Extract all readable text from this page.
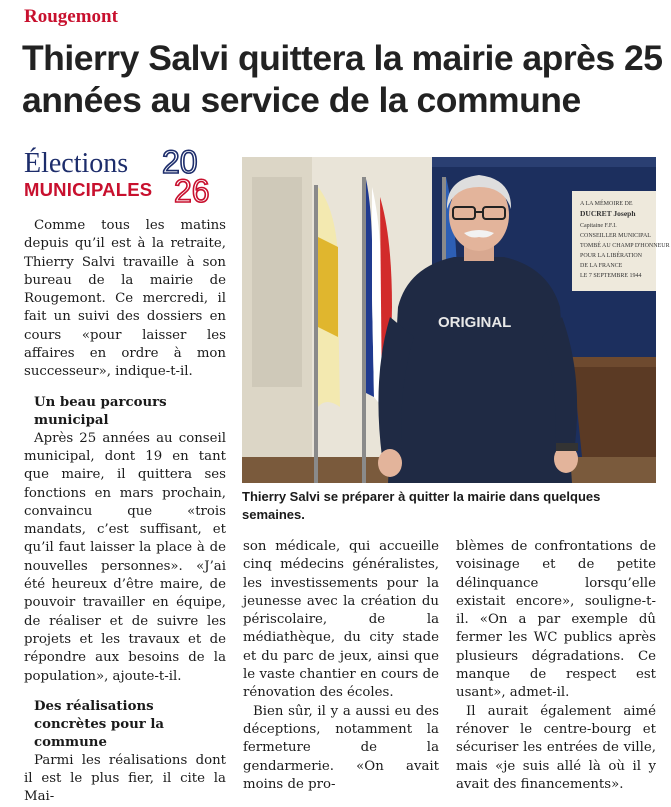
Rougemont
Thierry Salvi quittera la mairie après 25 années au service de la commune
Élections
MUNICIPALES
20
26

Comme tous les matins depuis qu’il est à la retraite, Thierry Salvi travaille à son bureau de la mairie de Rougemont. Ce mercredi, il fait un suivi des dossiers en cours «pour laisser les affaires en ordre à mon successeur», indique-t-il.

Un beau parcours municipal

Après 25 années au conseil municipal, dont 19 en tant que maire, il quittera ses fonctions en mars prochain, convaincu que «trois mandats, c’est suffisant, et qu’il faut laisser la place à de nouvelles personnes». «J’ai été heureux d’être maire, de pouvoir travailler en équipe, de réaliser et de suivre les projets et les travaux et de répondre aux besoins de la population», ajoute-t-il.

Des réalisations concrètes pour la commune

Parmi les réalisations dont il est le plus fier, il cite la Mai-

A LA MÉMOIRE DE
DUCRET Joseph
Capitaine F.F.I.
CONSEILLER MUNICIPAL
TOMBÉ AU CHAMP D'HONNEUR
POUR LA LIBÉRATION
DE LA FRANCE
LE 7 SEPTEMBRE 1944
ORIGINAL
Thierry Salvi se préparer à quitter la mairie dans quelques semaines.

son médicale, qui accueille cinq médecins généralistes, les investissements pour la jeunesse avec la création du périscolaire, de la médiathèque, du city stade et du parc de jeux, ainsi que le vaste chantier en cours de rénovation des écoles.

Bien sûr, il y a aussi eu des déceptions, notamment la fermeture de la gendarmerie. «On avait moins de pro-

blèmes de confrontations de voisinage et de petite délinquance lorsqu’elle existait encore», souligne-t-il. «On a par exemple dû fermer les WC publics après plusieurs dégradations. Ce manque de respect est usant», admet-il.

Il aurait également aimé rénover le centre-bourg et sécuriser les entrées de ville, mais «je suis allé là où il y avait des financements».
